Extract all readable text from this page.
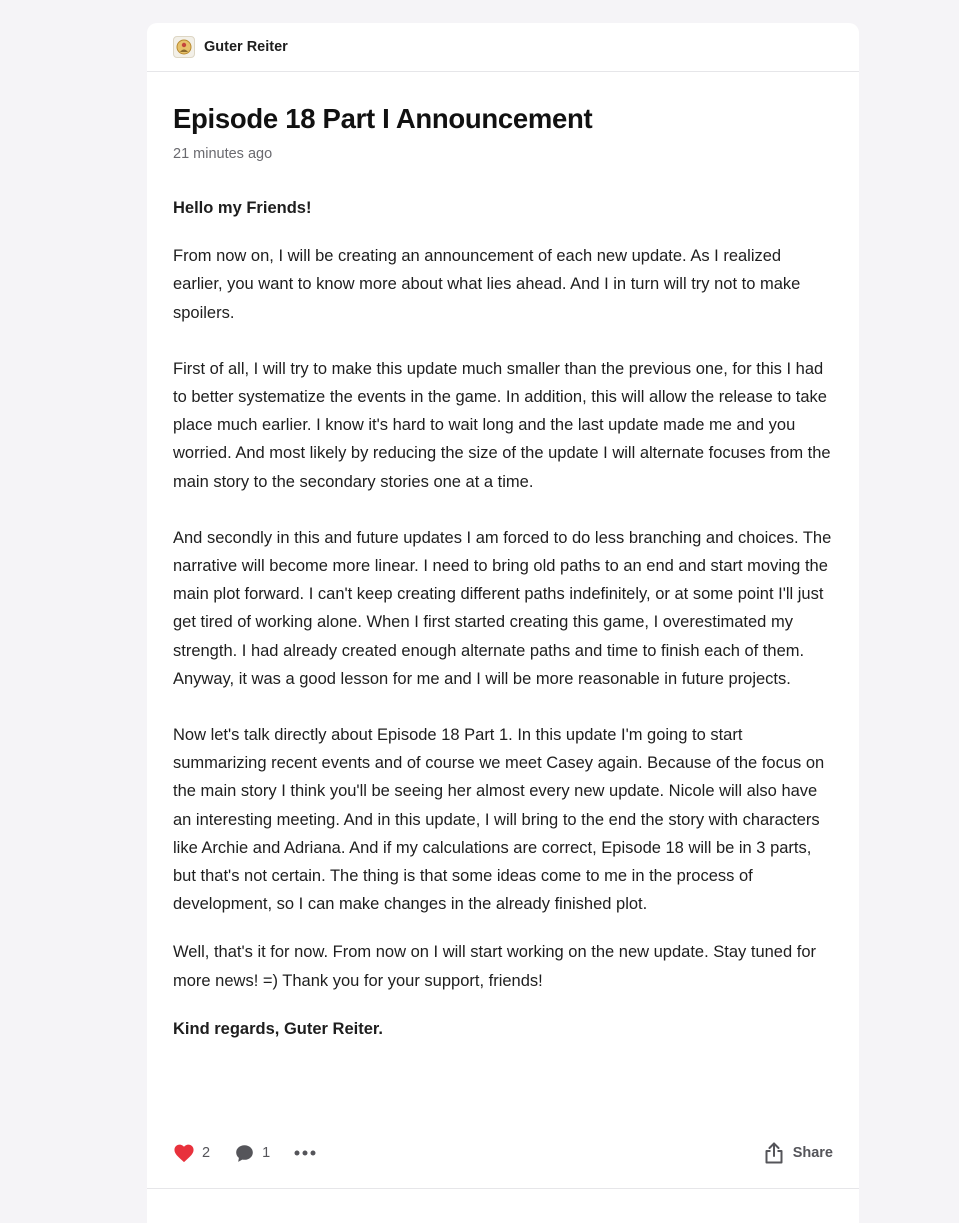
Guter Reiter
Episode 18 Part I Announcement
21 minutes ago

Hello my Friends!

From now on, I will be creating an announcement of each new update. As I realized earlier, you want to know more about what lies ahead. And I in turn will try not to make spoilers.

First of all, I will try to make this update much smaller than the previous one, for this I had to better systematize the events in the game. In addition, this will allow the release to take place much earlier. I know it's hard to wait long and the last update made me and you worried. And most likely by reducing the size of the update I will alternate focuses from the main story to the secondary stories one at a time.

And secondly in this and future updates I am forced to do less branching and choices. The narrative will become more linear. I need to bring old paths to an end and start moving the main plot forward. I can't keep creating different paths indefinitely, or at some point I'll just get tired of working alone. When I first started creating this game, I overestimated my strength. I had already created enough alternate paths and time to finish each of them. Anyway, it was a good lesson for me and I will be more reasonable in future projects.

Now let's talk directly about Episode 18 Part 1. In this update I'm going to start summarizing recent events and of course we meet Casey again. Because of the focus on the main story I think you'll be seeing her almost every new update. Nicole will also have an interesting meeting. And in this update, I will bring to the end the story with characters like Archie and Adriana. And if my calculations are correct, Episode 18 will be in 3 parts, but that's not certain. The thing is that some ideas come to me in the process of development, so I can make changes in the already finished plot.

Well, that's it for now. From now on I will start working on the new update. Stay tuned for more news! =) Thank you for your support, friends!

Kind regards, Guter Reiter.

2	1	Share
